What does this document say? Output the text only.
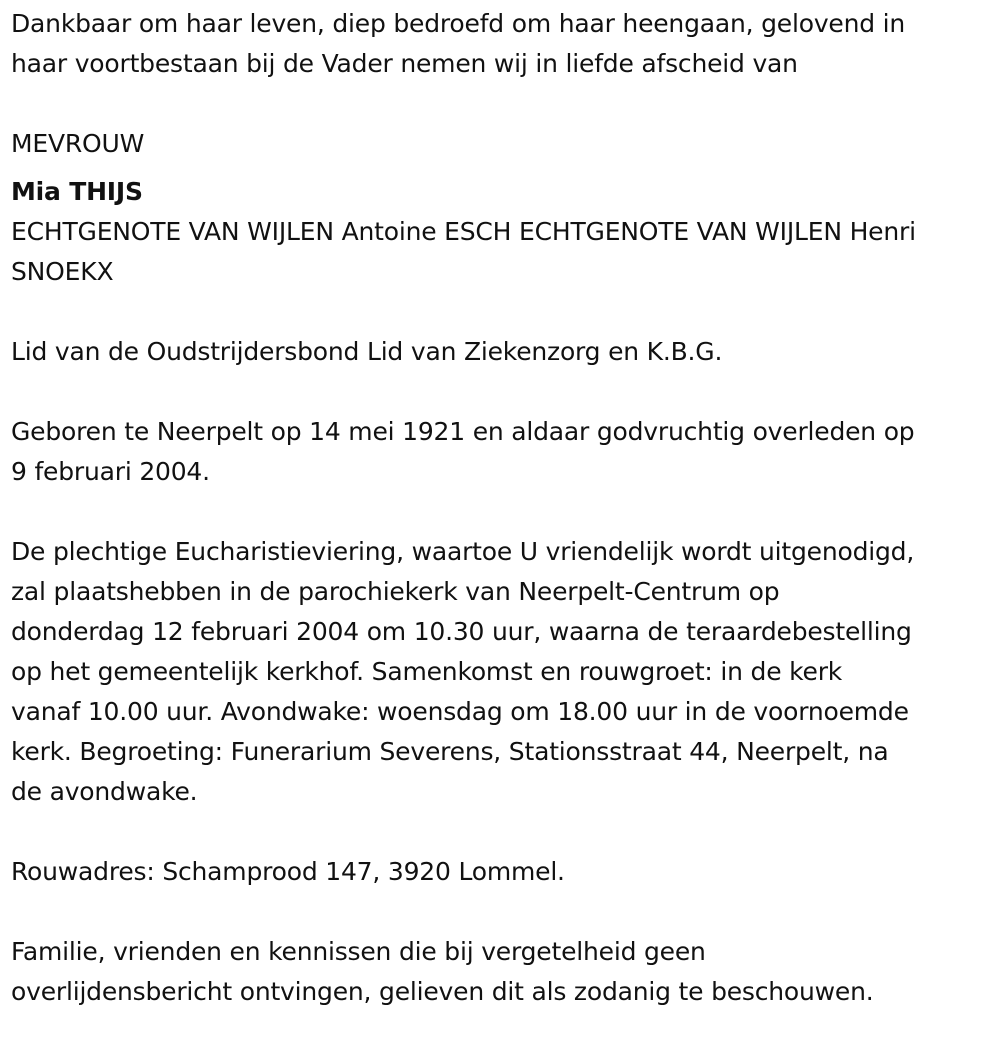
Dankbaar om haar leven, diep bedroefd om haar heengaan, gelovend in
haar voortbestaan bij de Vader nemen wij in liefde afscheid van
MEVROUW
Mia THIJS
ECHTGENOTE VAN WIJLEN Antoine ESCH ECHTGENOTE VAN WIJLEN Henri
SNOEKX
Lid van de Oudstrijdersbond Lid van Ziekenzorg en K.B.G.
Geboren te Neerpelt op 14 mei 1921 en aldaar godvruchtig overleden op
9 februari 2004.
De plechtige Eucharistieviering, waartoe U vriendelijk wordt uitgenodigd,
zal plaatshebben in de parochiekerk van Neerpelt-Centrum op
donderdag 12 februari 2004 om 10.30 uur, waarna de teraardebestelling
op het gemeentelijk kerkhof. Samenkomst en rouwgroet: in de kerk
vanaf 10.00 uur. Avondwake: woensdag om 18.00 uur in de voornoemde
kerk. Begroeting: Funerarium Severens, Stationsstraat 44, Neerpelt, na
de avondwake.
Rouwadres: Schamprood 147, 3920 Lommel.
Familie, vrienden en kennissen die bij vergetelheid geen
overlijdensbericht ontvingen, gelieven dit als zodanig te beschouwen.
